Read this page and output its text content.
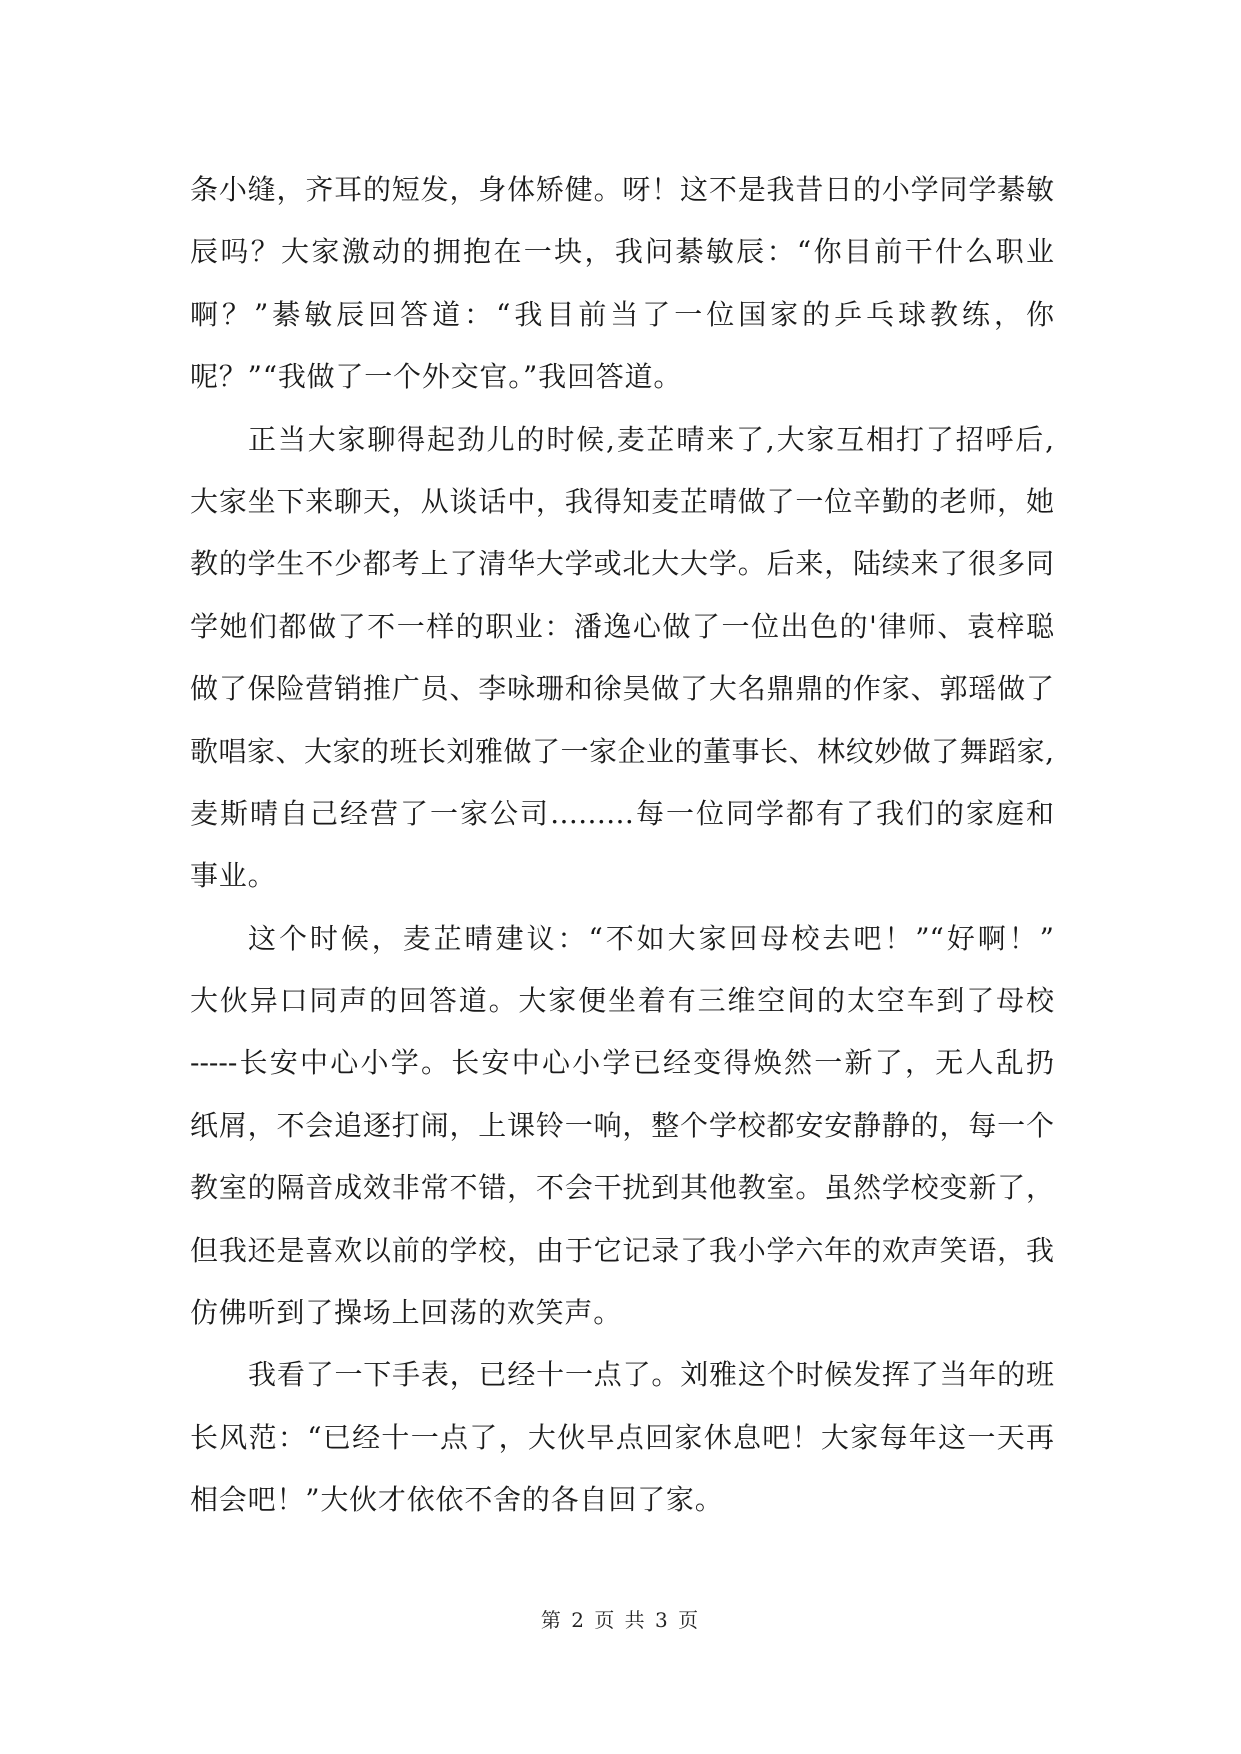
条小缝，齐耳的短发，身体矫健。呀！这不是我昔日的小学同学綦敏
辰吗？大家激动的拥抱在一块，我问綦敏辰：“你目前干什么职业
啊？”綦敏辰回答道：“我目前当了一位国家的乒乓球教练，你
呢？”“我做了一个外交官。”我回答道。
正当大家聊得起劲儿的时候,麦芷晴来了,大家互相打了招呼后,
大家坐下来聊天，从谈话中，我得知麦芷晴做了一位辛勤的老师，她
教的学生不少都考上了清华大学或北大大学。后来，陆续来了很多同
学她们都做了不一样的职业：潘逸心做了一位出色的'律师、袁梓聪
做了保险营销推广员、李咏珊和徐昊做了大名鼎鼎的作家、郭瑶做了
歌唱家、大家的班长刘雅做了一家企业的董事长、林纹妙做了舞蹈家,
麦斯晴自己经营了一家公司………每一位同学都有了我们的家庭和
事业。
这个时候，麦芷晴建议：“不如大家回母校去吧！”“好啊！”
大伙异口同声的回答道。大家便坐着有三维空间的太空车到了母校
-----长安中心小学。长安中心小学已经变得焕然一新了，无人乱扔
纸屑，不会追逐打闹，上课铃一响，整个学校都安安静静的，每一个
教室的隔音成效非常不错，不会干扰到其他教室。虽然学校变新了，
但我还是喜欢以前的学校，由于它记录了我小学六年的欢声笑语，我
仿佛听到了操场上回荡的欢笑声。
我看了一下手表，已经十一点了。刘雅这个时候发挥了当年的班
长风范：“已经十一点了，大伙早点回家休息吧！大家每年这一天再
相会吧！”大伙才依依不舍的各自回了家。
第 2 页 共 3 页
